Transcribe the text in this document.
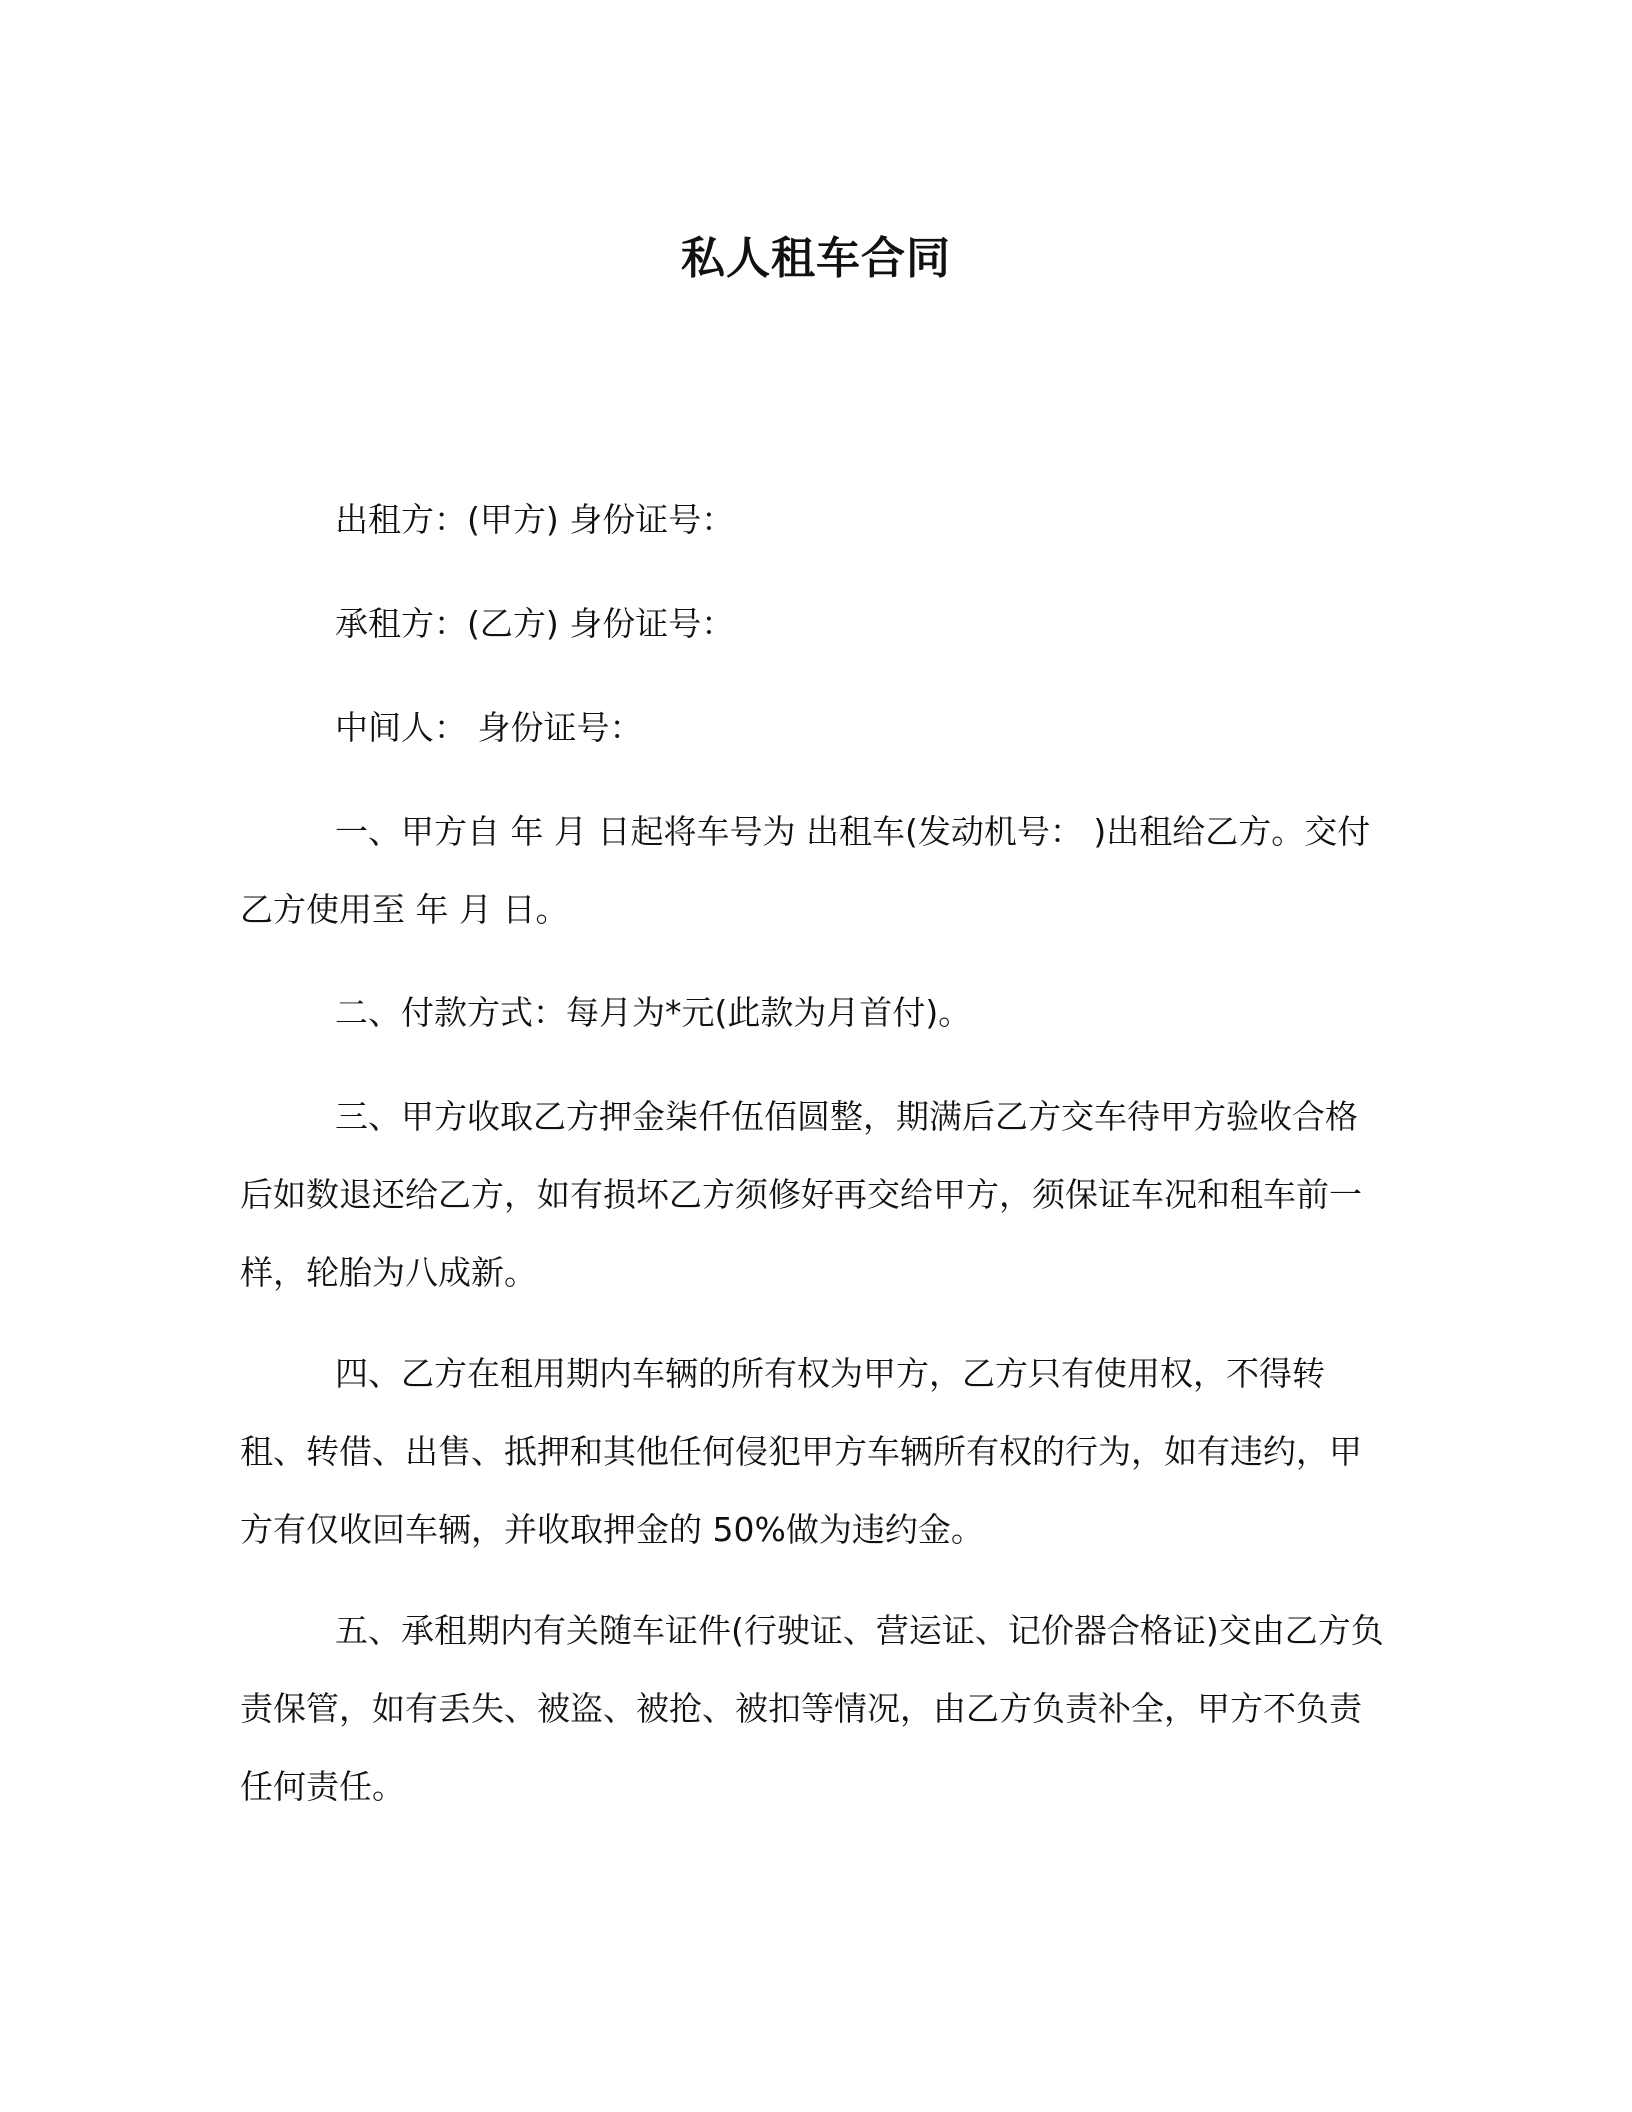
私人租车合同
出租方：(甲方) 身份证号：
承租方：(乙方) 身份证号：
中间人： 身份证号：

一、甲方自 年 月 日起将车号为 出租车(发动机号： )出租给乙方。交付乙方使用至 年 月 日。

二、付款方式：每月为*元(此款为月首付)。

三、甲方收取乙方押金柒仟伍佰圆整，期满后乙方交车待甲方验收合格后如数退还给乙方，如有损坏乙方须修好再交给甲方，须保证车况和租车前一样，轮胎为八成新。

四、乙方在租用期内车辆的所有权为甲方，乙方只有使用权，不得转租、转借、出售、抵押和其他任何侵犯甲方车辆所有权的行为，如有违约，甲方有仅收回车辆，并收取押金的 50%做为违约金。

五、承租期内有关随车证件(行驶证、营运证、记价器合格证)交由乙方负责保管，如有丢失、被盗、被抢、被扣等情况，由乙方负责补全，甲方不负责任何责任。
